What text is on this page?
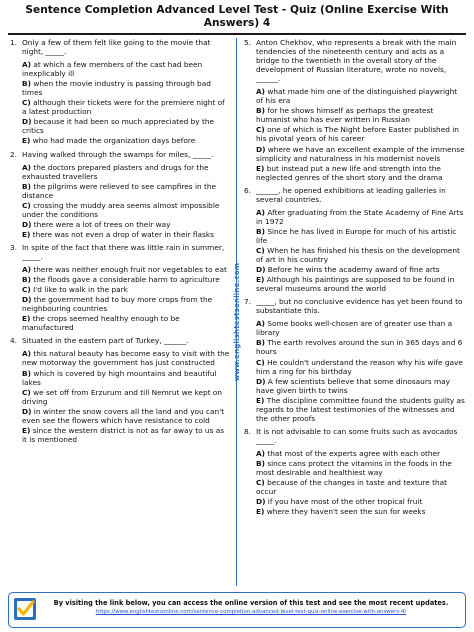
Sentence Completion Advanced Level Test - Quiz (Online Exercise With Answers) 4
1. Only a few of them felt like going to the movie that night, _____.
A) at which a few members of the cast had been inexplicably ill
B) when the movie industry is passing through bad times
C) although their tickets were for the premiere night of a latest production
D) because it had been so much appreciated by the critics
E) who had made the organization days before
2. Having walked through the swamps for miles, _____.
A) the doctors prepared plasters and drugs for the exhausted travellers
B) the pilgrims were relieved to see campfires in the distance
C) crossing the muddy area seems almost impossible under the conditions
D) there were a lot of trees on their way
E) there was not even a drop of water in their flasks
3. In spite of the fact that there was little rain in summer, _____.
A) there was neither enough fruit nor vegetables to eat
B) the floods gave a considerable harm to agriculture
C) I'd like to walk in the park
D) the government had to buy more crops from the neighbouring countries
E) the crops seemed healthy enough to be manufactured
4. Situated in the eastern part of Turkey, ______.
A) this natural beauty has become easy to visit with the new motorway the government has just constructed
B) which is covered by high mountains and beautiful lakes
C) we set off from Erzurum and till Nemrut we kept on driving
D) in winter the snow covers all the land and you can't even see the flowers which have resistance to cold
E) since the western district is not as far away to us as it is mentioned
www.englishtestsonline.com
5. Anton Chekhov, who represents a break with the main tendencies of the nineteenth century and acts as a bridge to the twentieth in the overall story of the development of Russian literature, wrote no novels, ______.
A) what made him one of the distinguished playwright of his era
B) for he shows himself as perhaps the greatest humanist who has ever written in Russian
C) one of which is The Night before Easter published in his pivotal years of his career
D) where we have an excellent example of the immense simplicity and naturalness in his modernist novels
E) but instead put a new life and strength into the neglected genres of the short story and the drama
6. ______, he opened exhibitions at leading galleries in several countries.
A) After graduating from the State Academy of Fine Arts in 1972
B) Since he has lived in Europe for much of his artistic life
C) When he has finished his thesis on the development of art in his country
D) Before he wins the academy award of fine arts
E) Although his paintings are supposed to be found in several museums around the world
7. _____, but no conclusive evidence has yet been found to substantiate this.
A) Some books well-chosen are of greater use than a library
B) The earth revolves around the sun in 365 days and 6 hours
C) He couldn't understand the reason why his wife gave him a ring for his birthday
D) A few scientists believe that some dinosaurs may have given birth to twins
E) The discipline committee found the students guilty as regards to the latest testimonies of the witnesses and the other proofs
8. It is not advisable to can some fruits such as avocados _____.
A) that most of the experts agree with each other
B) since cans protect the vitamins in the foods in the most desirable and healthiest way
C) because of the changes in taste and texture that occur
D) if you have most of the other tropical fruit
E) where they haven't seen the sun for weeks
By visiting the link below, you can access the online version of this test and see the most recent updates.
https://www.englishtestsonline.com/sentence-completion-advanced-level-test-quiz-online-exercise-with-answers-4/
